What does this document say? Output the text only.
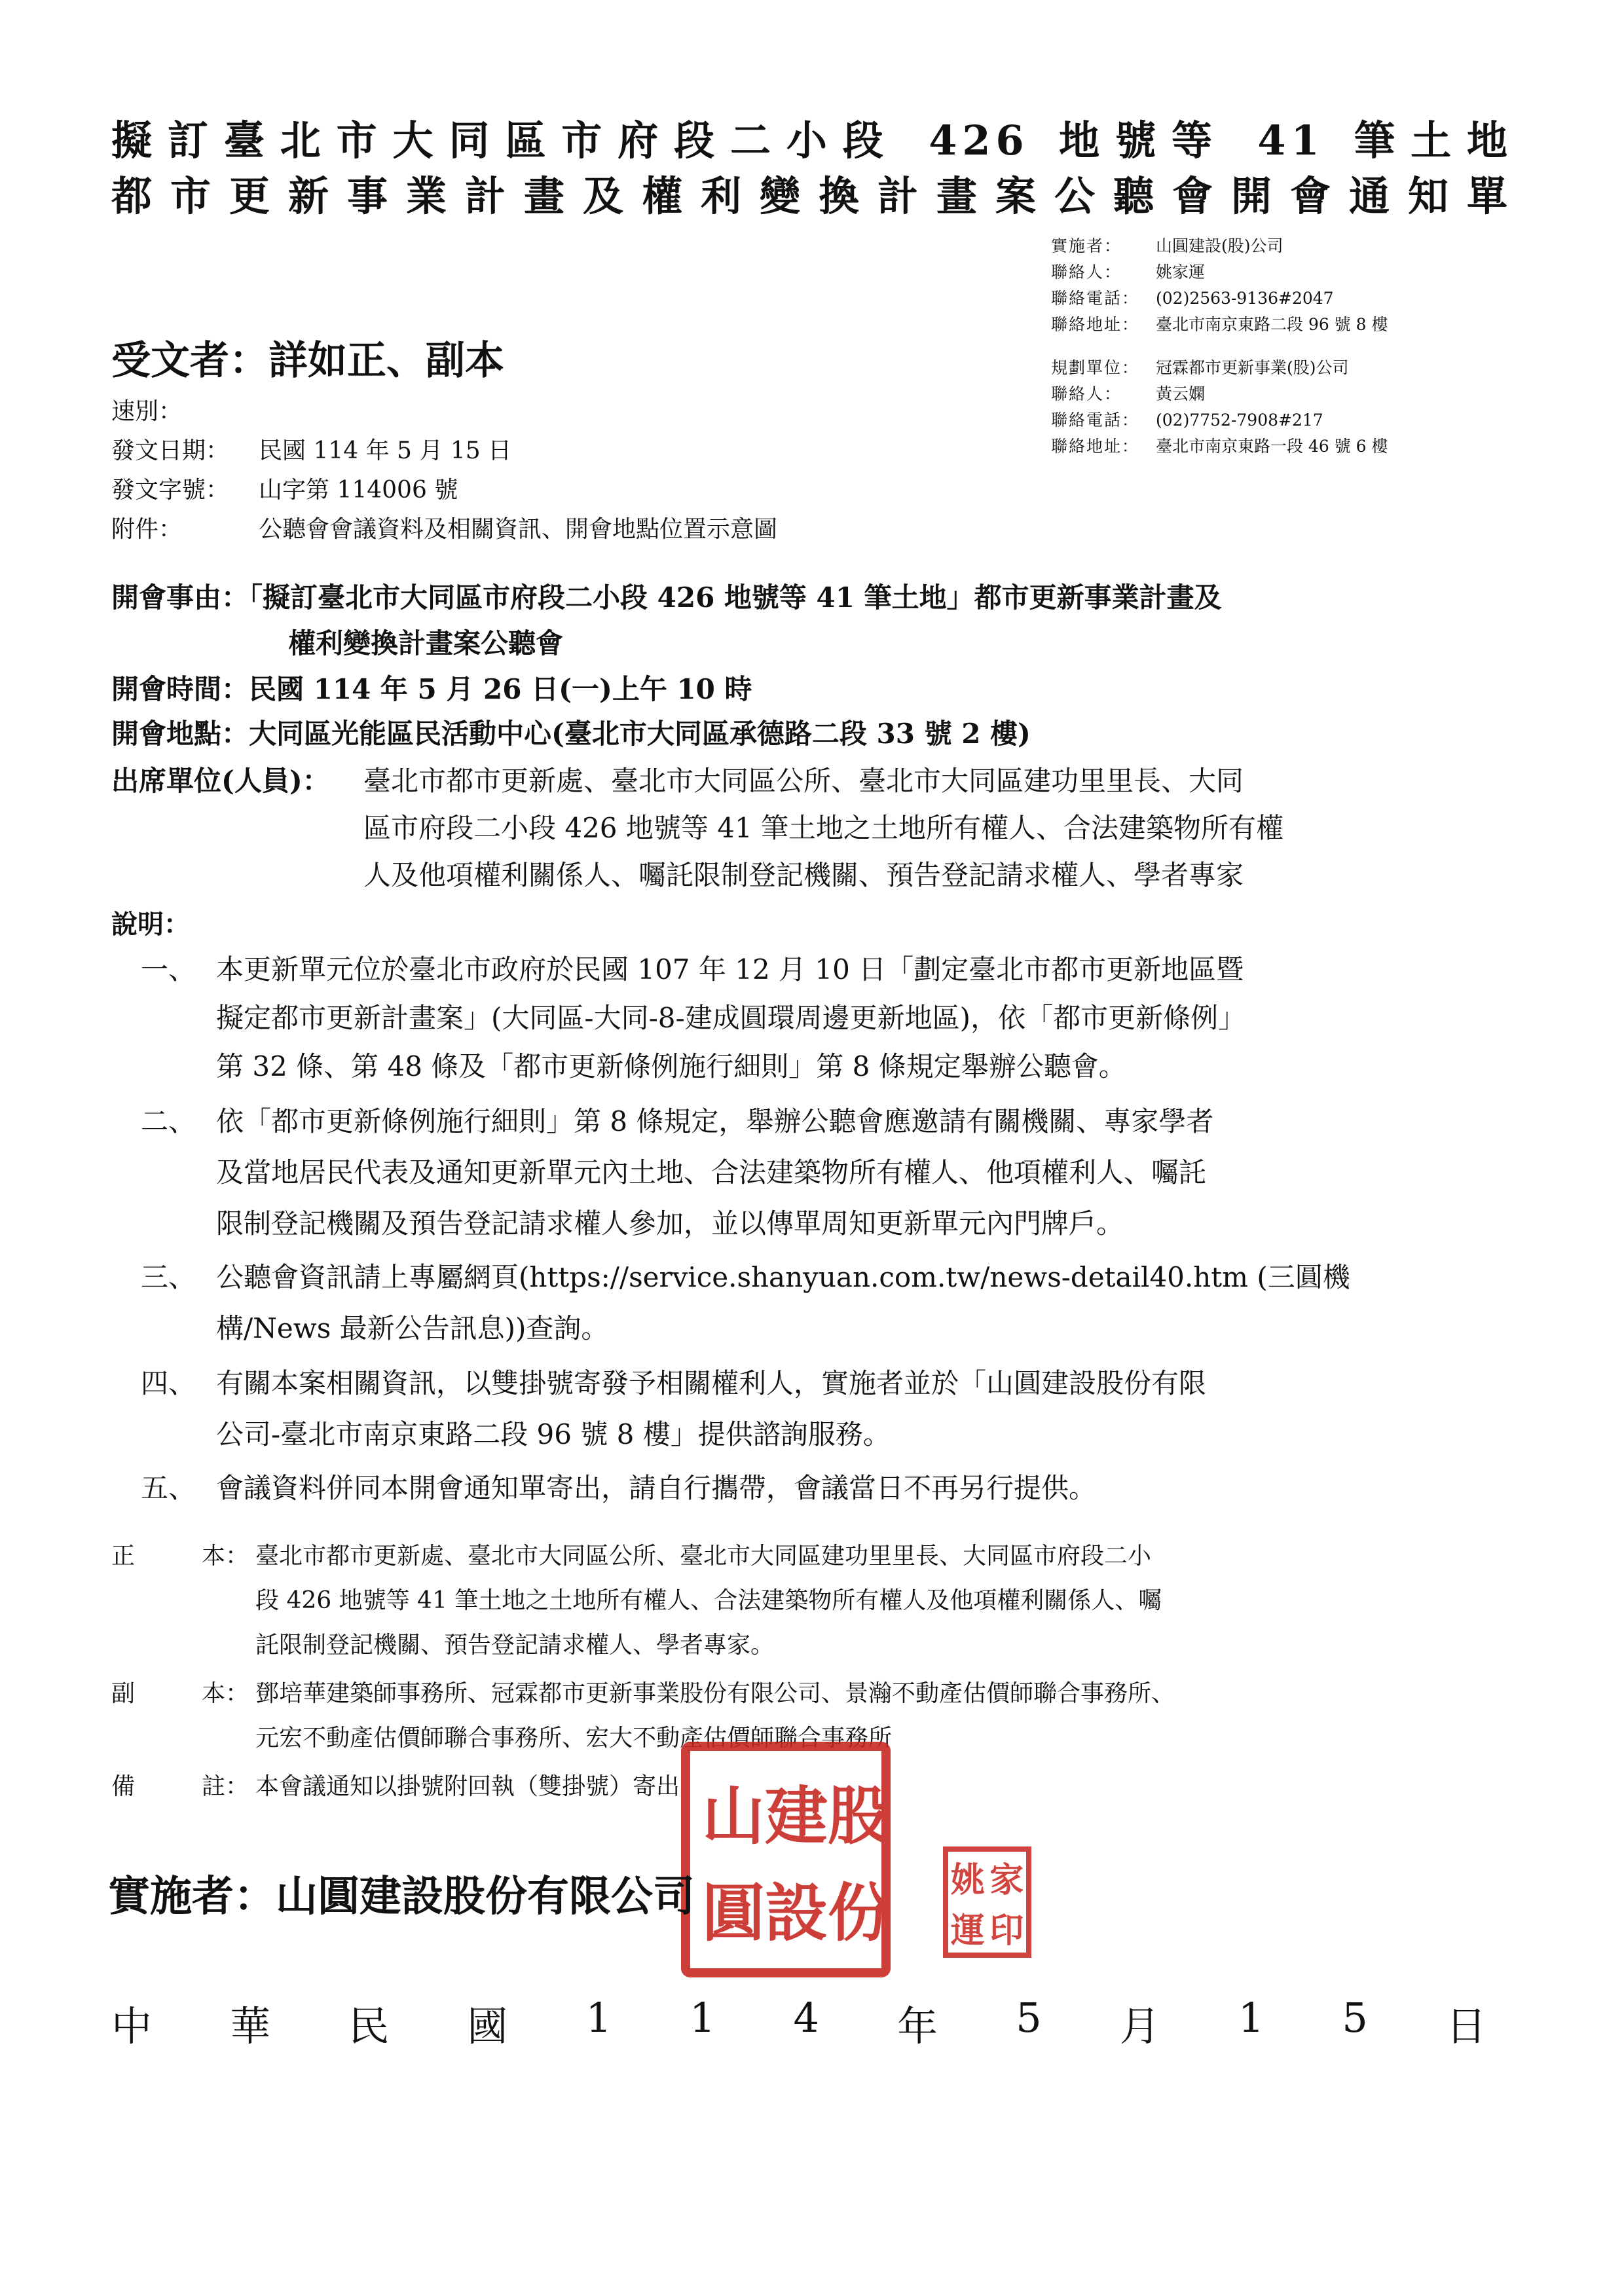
擬訂臺北市大同區市府段二小段 426 地號等 41 筆土地
都市更新事業計畫及權利變換計畫案公聽會開會通知單
實施者：	山圓建設(股)公司
聯絡人：	姚家運
聯絡電話： (02)2563-9136#2047
聯絡地址： 臺北市南京東路二段 96 號 8 樓
規劃單位： 冠霖都市更新事業(股)公司
聯絡人：	黃云嫻
聯絡電話： (02)7752-7908#217
聯絡地址： 臺北市南京東路一段 46 號 6 樓
受文者：詳如正、副本
速別：
發文日期： 民國 114 年 5 月 15 日
發文字號： 山字第 114006 號
附件：	公聽會會議資料及相關資訊、開會地點位置示意圖
開會事由：「擬訂臺北市大同區市府段二小段 426 地號等 41 筆土地」都市更新事業計畫及
權利變換計畫案公聽會
開會時間：民國 114 年 5 月 26 日(一)上午 10 時
開會地點：大同區光能區民活動中心(臺北市大同區承德路二段 33 號 2 樓)
出席單位(人員)： 臺北市都市更新處、臺北市大同區公所、臺北市大同區建功里里長、大同
區市府段二小段 426 地號等 41 筆土地之土地所有權人、合法建築物所有權
人及他項權利關係人、囑託限制登記機關、預告登記請求權人、學者專家
說明：
一、 本更新單元位於臺北市政府於民國 107 年 12 月 10 日「劃定臺北市都市更新地區暨
擬定都市更新計畫案」(大同區-大同-8-建成圓環周邊更新地區)，依「都市更新條例」
第 32 條、第 48 條及「都市更新條例施行細則」第 8 條規定舉辦公聽會。
二、 依「都市更新條例施行細則」第 8 條規定，舉辦公聽會應邀請有關機關、專家學者
及當地居民代表及通知更新單元內土地、合法建築物所有權人、他項權利人、囑託
限制登記機關及預告登記請求權人參加，並以傳單周知更新單元內門牌戶。
三、 公聽會資訊請上專屬網頁(https://service.shanyuan.com.tw/news-detail40.htm (三圓機
構/News 最新公告訊息))查詢。
四、 有關本案相關資訊，以雙掛號寄發予相關權利人，實施者並於「山圓建設股份有限
公司-臺北市南京東路二段 96 號 8 樓」提供諮詢服務。
五、 會議資料併同本開會通知單寄出，請自行攜帶，會議當日不再另行提供。
正	本： 臺北市都市更新處、臺北市大同區公所、臺北市大同區建功里里長、大同區市府段二小
段 426 地號等 41 筆土地之土地所有權人、合法建築物所有權人及他項權利關係人、囑
託限制登記機關、預告登記請求權人、學者專家。
副	本： 鄧培華建築師事務所、冠霖都市更新事業股份有限公司、景瀚不動產估價師聯合事務所、
元宏不動產估價師聯合事務所、宏大不動產估價師聯合事務所
備	註： 本會議通知以掛號附回執（雙掛號）寄出 山 建 股
圓 設 份 姚 家
運 印
實施者：山圓建設股份有限公司
中 華 民 國 1 1 4 年 5 月 1 5 日
